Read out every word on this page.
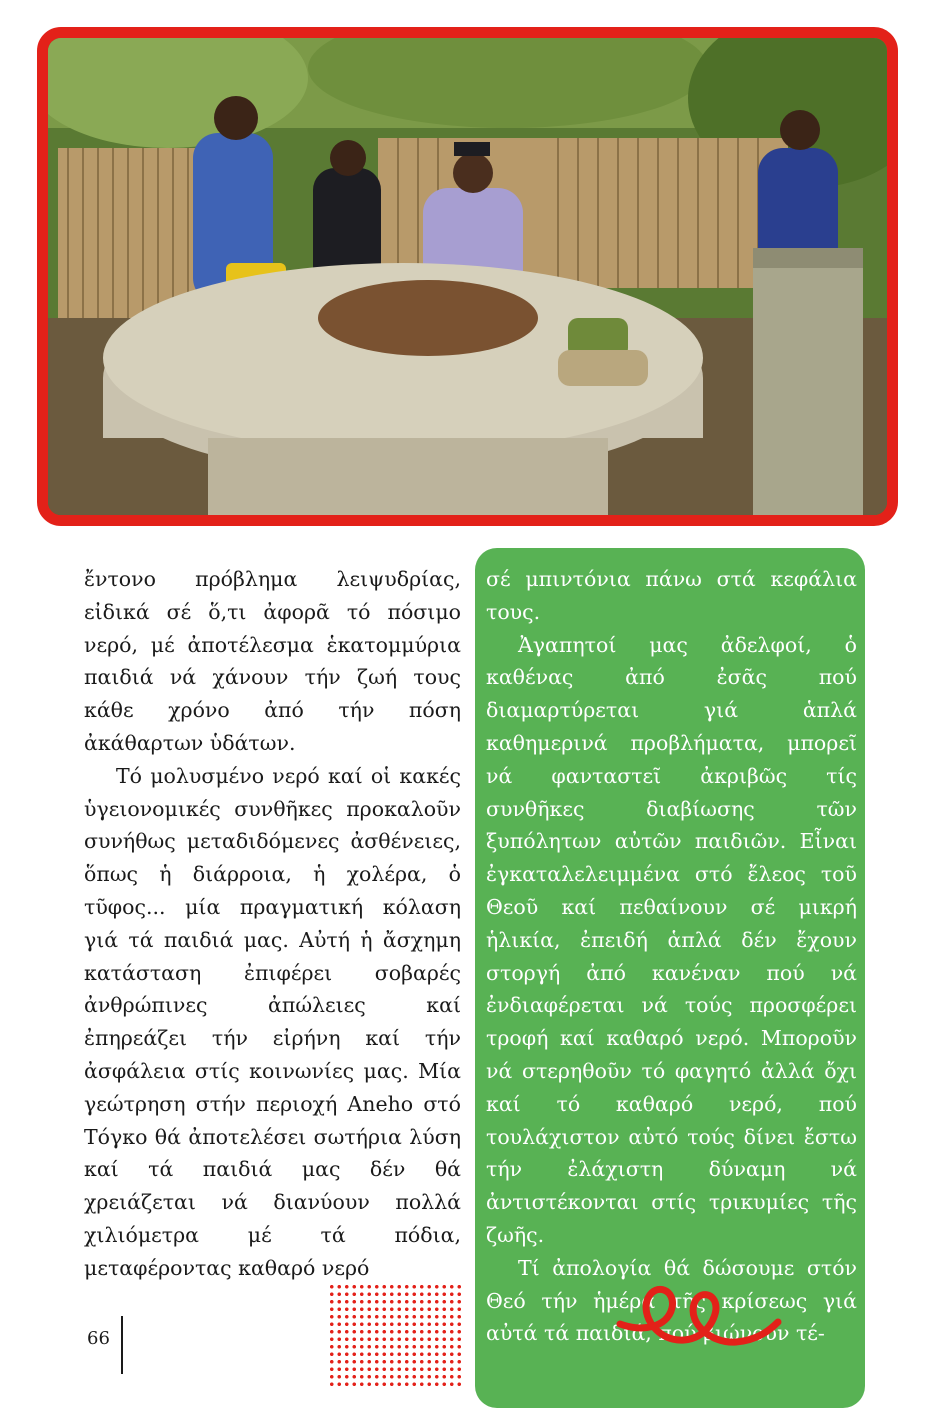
ἔντονο πρόβλημα λειψυδρίας, εἰδικά σέ ὅ,τι ἀφορᾶ τό πόσιμο νερό, μέ ἀποτέλεσμα ἑκατομμύρια παιδιά νά χάνουν τήν ζωή τους κάθε χρόνο ἀπό τήν πόση ἀκάθαρτων ὑδάτων.

Τό μολυσμένο νερό καί οἱ κακές ὑγειονομικές συνθῆκες προκαλοῦν συνήθως μεταδιδόμενες ἀσθένειες, ὅπως ἡ διάρροια, ἡ χολέρα, ὁ τῦφος... μία πραγματική κόλαση γιά τά παιδιά μας. Αὐτή ἡ ἄσχημη κατάσταση ἐπιφέρει σοβαρές ἀνθρώπινες ἀπώλειες καί ἐπηρεάζει τήν εἰρήνη καί τήν ἀσφάλεια στίς κοινωνίες μας. Μία γεώτρηση στήν περιοχή Aneho στό Τόγκο θά ἀποτελέσει σωτήρια λύση καί τά παιδιά μας δέν θά χρειάζεται νά διανύουν πολλά χιλιόμετρα μέ τά πόδια, μεταφέροντας καθαρό νερό

σέ μπιντόνια πάνω στά κεφάλια τους.

Ἀγαπητοί μας ἀδελφοί, ὁ καθένας ἀπό ἐσᾶς πού διαμαρτύρεται γιά ἁπλά καθημερινά προβλήματα, μπορεῖ νά φανταστεῖ ἀκριβῶς τίς συνθῆκες διαβίωσης τῶν ξυπόλητων αὐτῶν παιδιῶν. Εἶναι ἐγκαταλελειμμένα στό ἔλεος τοῦ Θεοῦ καί πεθαίνουν σέ μικρή ἡλικία, ἐπειδή ἁπλά δέν ἔχουν στοργή ἀπό κανέναν πού νά ἐνδιαφέρεται νά τούς προσφέρει τροφή καί καθαρό νερό. Μποροῦν νά στερηθοῦν τό φαγητό ἀλλά ὄχι καί τό καθαρό νερό, πού τουλάχιστον αὐτό τούς δίνει ἔστω τήν ἐλάχιστη δύναμη νά ἀντιστέκονται στίς τρικυμίες τῆς ζωῆς.

Τί ἀπολογία θά δώσουμε στόν Θεό τήν ἡμέρα τῆς κρίσεως γιά αὐτά τά παιδιά, πού βιώνουν τέ-

66
